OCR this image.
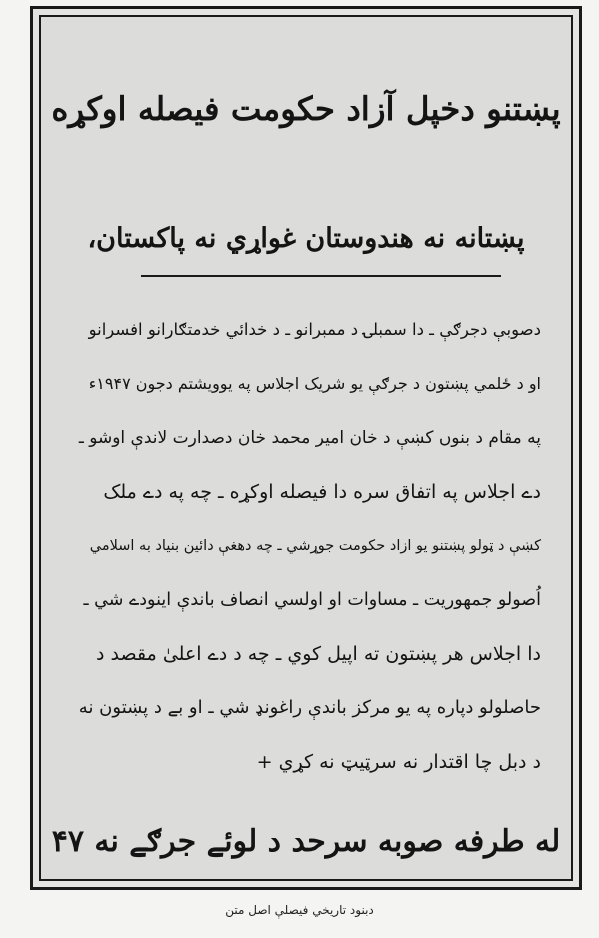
پښتنو دخپل آزاد حکومت فیصله اوکړه
پښتانه نه هندوستان غواړي نه پاکستان،

دصوبې دجرګې ـ دا سمبلۍ د ممبرانو ـ د خدائي خدمتګارانو افسرانو

او د ځلمي پښتون د جرګې یو شریک اجلاس په یوویشتم دجون ۱۹۴۷ء

په مقام د بنوں کښې د خان امیر محمد خان دصدارت لاندې اوشو ـ

دے اجلاس په اتفاق سره دا فیصله اوکړه ـ چه په دے ملک

کښې د ټولو پښتنو یو ازاد حکومت جوړشي ـ چه دهغې دائین بنیاد به اسلامي

اُصولو جمهوریت ـ مساوات او اولسي انصاف باندې اینودے شي ـ

دا اجلاس هر پښتون ته اپیل کوي ـ چه د دے اعلیٰ مقصد د

حاصلولو دپاره په یو مرکز باندې راغونډ شي ـ او بے د پښتون نه

د دبل چا اقتدار نه سرټیټ نه کړي +

له طرفه صوبه سرحد د لوئے جرګے نه ۴۷
دبنود تاریخي فیصلې اصل متن
